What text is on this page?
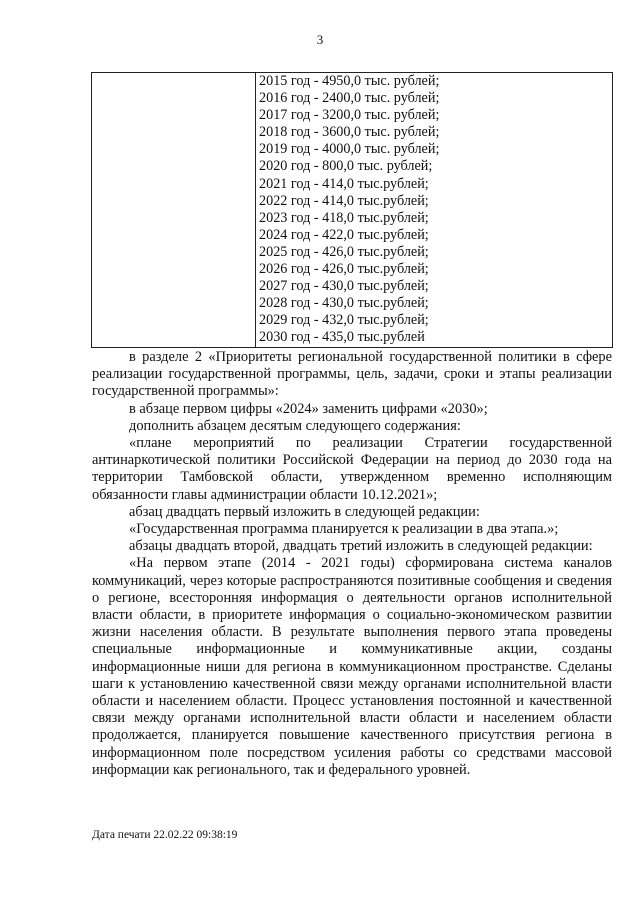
3

2015 год - 4950,0 тыс. рублей;
2016 год - 2400,0 тыс. рублей;
2017 год - 3200,0 тыс. рублей;
2018 год - 3600,0 тыс. рублей;
2019 год - 4000,0 тыс. рублей;
2020 год - 800,0 тыс. рублей;
2021 год - 414,0 тыс.рублей;
2022 год - 414,0 тыс.рублей;
2023 год - 418,0 тыс.рублей;
2024 год - 422,0 тыс.рублей;
2025 год - 426,0 тыс.рублей;
2026 год - 426,0 тыс.рублей;
2027 год - 430,0 тыс.рублей;
2028 год - 430,0 тыс.рублей;
2029 год - 432,0 тыс.рублей;
2030 год - 435,0 тыс.рублей

в разделе 2 «Приоритеты региональной государственной политики в сфере реализации государственной программы, цель, задачи, сроки и этапы реализации государственной программы»:

в абзаце первом цифры «2024» заменить цифрами «2030»;

дополнить абзацем десятым следующего содержания:

«плане мероприятий по реализации Стратегии государственной антинаркотической политики Российской Федерации на период до 2030 года на территории Тамбовской области, утвержденном временно исполняющим обязанности главы администрации области 10.12.2021»;

абзац двадцать первый изложить в следующей редакции:

«Государственная программа планируется к реализации в два этапа.»;

абзацы двадцать второй, двадцать третий изложить в следующей редакции:

«На первом этапе (2014 - 2021 годы) сформирована система каналов коммуникаций, через которые распространяются позитивные сообщения и сведения о регионе, всесторонняя информация о деятельности органов исполнительной власти области, в приоритете информация о социально-экономическом развитии жизни населения области. В результате выполнения первого этапа проведены специальные информационные и коммуникативные акции, созданы информационные ниши для региона в коммуникационном пространстве. Сделаны шаги к установлению качественной связи между органами исполнительной власти области и населением области. Процесс установления постоянной и качественной связи между органами исполнительной власти области и населением области продолжается, планируется повышение качественного присутствия региона в информационном поле посредством усиления работы со средствами массовой информации как регионального, так и федерального уровней.

Дата печати 22.02.22 09:38:19
